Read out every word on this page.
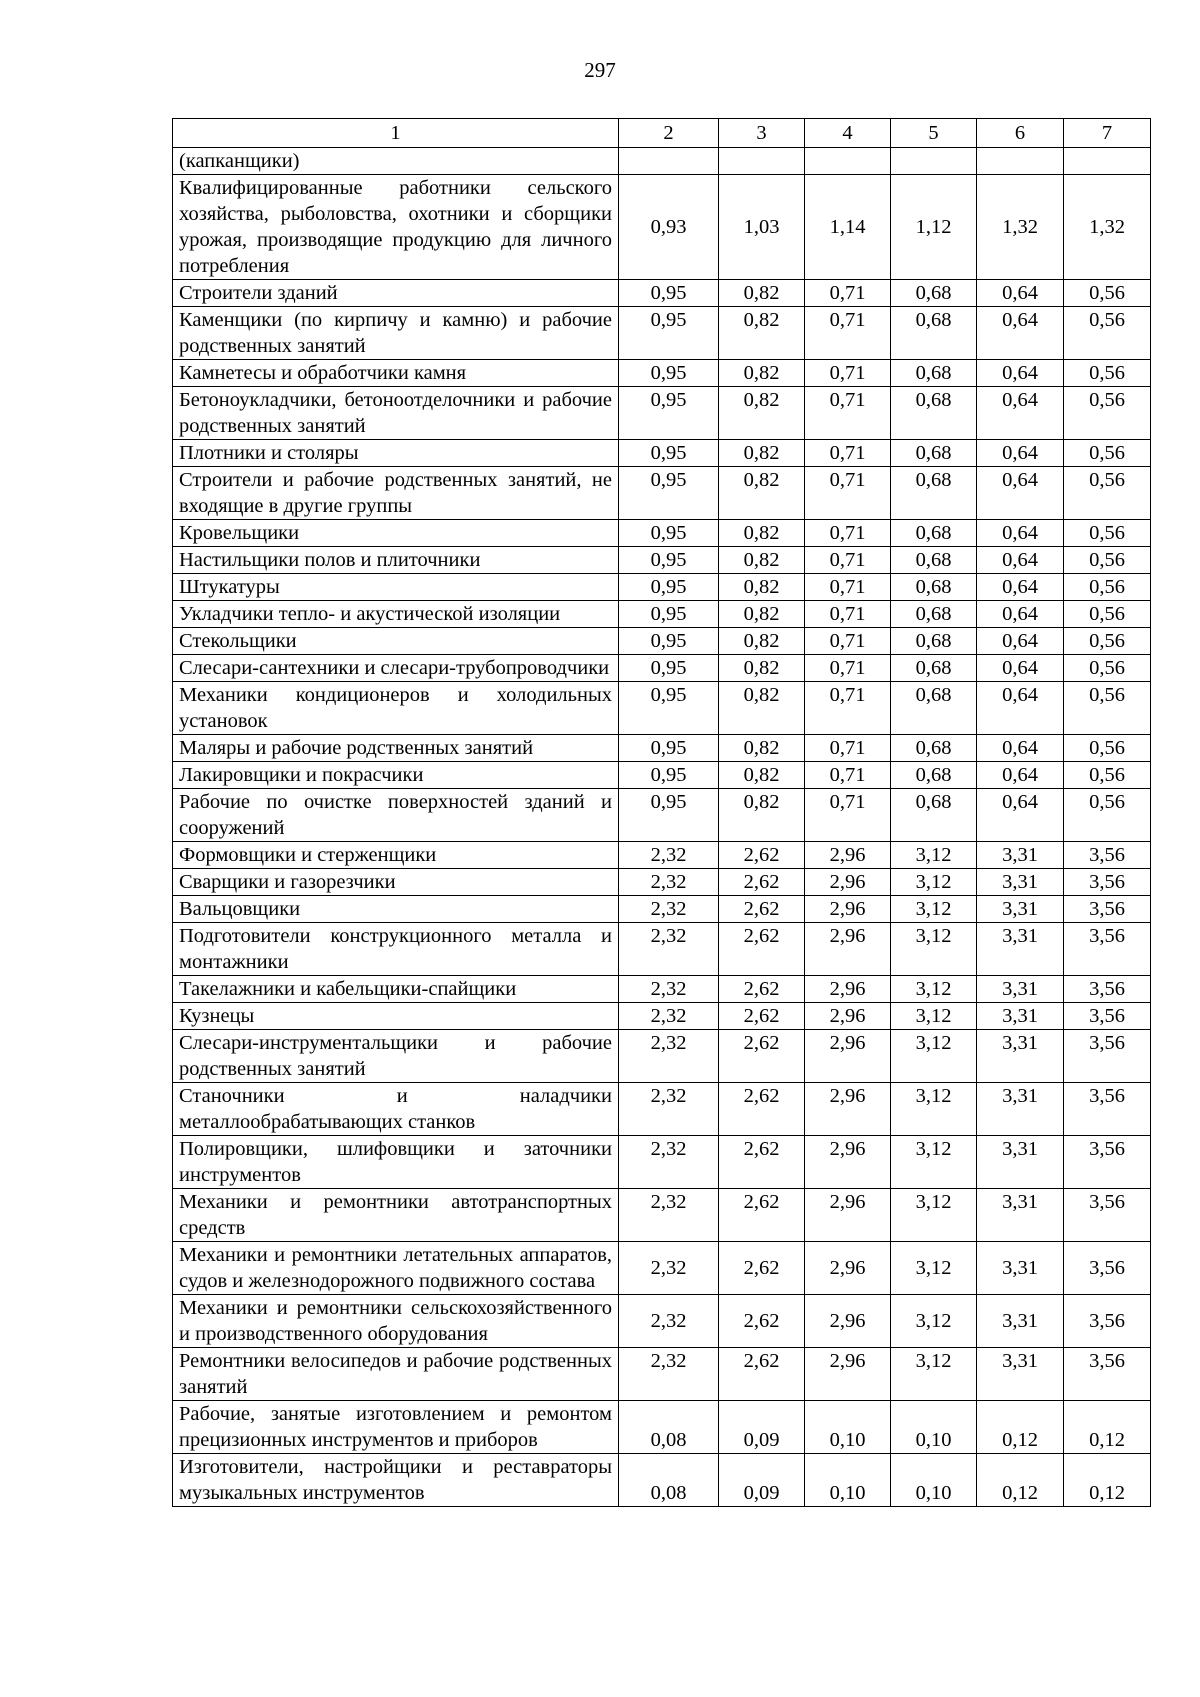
297
1	2	3	4	5	6	7
(капканщики)						
Квалифицированные работники сельского хозяйства, рыболовства, охотники и сборщики урожая, производящие продукцию для личного потребления	0,93	1,03	1,14	1,12	1,32	1,32
Строители зданий	0,95	0,82	0,71	0,68	0,64	0,56
Каменщики (по кирпичу и камню) и рабочие родственных занятий	0,95	0,82	0,71	0,68	0,64	0,56
Камнетесы и обработчики камня	0,95	0,82	0,71	0,68	0,64	0,56
Бетоноукладчики, бетоноотделочники и рабочие родственных занятий	0,95	0,82	0,71	0,68	0,64	0,56
Плотники и столяры	0,95	0,82	0,71	0,68	0,64	0,56
Строители и рабочие родственных занятий, не входящие в другие группы	0,95	0,82	0,71	0,68	0,64	0,56
Кровельщики	0,95	0,82	0,71	0,68	0,64	0,56
Настильщики полов и плиточники	0,95	0,82	0,71	0,68	0,64	0,56
Штукатуры	0,95	0,82	0,71	0,68	0,64	0,56
Укладчики тепло- и акустической изоляции	0,95	0,82	0,71	0,68	0,64	0,56
Стекольщики	0,95	0,82	0,71	0,68	0,64	0,56
Слесари-сантехники и слесари-трубопроводчики	0,95	0,82	0,71	0,68	0,64	0,56
Механики кондиционеров и холодильных установок	0,95	0,82	0,71	0,68	0,64	0,56
Маляры и рабочие родственных занятий	0,95	0,82	0,71	0,68	0,64	0,56
Лакировщики и покрасчики	0,95	0,82	0,71	0,68	0,64	0,56
Рабочие по очистке поверхностей зданий и сооружений	0,95	0,82	0,71	0,68	0,64	0,56
Формовщики и стерженщики	2,32	2,62	2,96	3,12	3,31	3,56
Сварщики и газорезчики	2,32	2,62	2,96	3,12	3,31	3,56
Вальцовщики	2,32	2,62	2,96	3,12	3,31	3,56
Подготовители конструкционного металла и монтажники	2,32	2,62	2,96	3,12	3,31	3,56
Такелажники и кабельщики-спайщики	2,32	2,62	2,96	3,12	3,31	3,56
Кузнецы	2,32	2,62	2,96	3,12	3,31	3,56
Слесари-инструментальщики и рабочие родственных занятий	2,32	2,62	2,96	3,12	3,31	3,56
Станочники и наладчики металлообрабатывающих станков	2,32	2,62	2,96	3,12	3,31	3,56
Полировщики, шлифовщики и заточники инструментов	2,32	2,62	2,96	3,12	3,31	3,56
Механики и ремонтники автотранспортных средств	2,32	2,62	2,96	3,12	3,31	3,56
Механики и ремонтники летательных аппаратов, судов и железнодорожного подвижного состава	2,32	2,62	2,96	3,12	3,31	3,56
Механики и ремонтники сельскохозяйственного и производственного оборудования	2,32	2,62	2,96	3,12	3,31	3,56
Ремонтники велосипедов и рабочие родственных занятий	2,32	2,62	2,96	3,12	3,31	3,56
Рабочие, занятые изготовлением и ремонтом прецизионных инструментов и приборов	0,08	0,09	0,10	0,10	0,12	0,12
Изготовители, настройщики и реставраторы музыкальных инструментов	0,08	0,09	0,10	0,10	0,12	0,12
